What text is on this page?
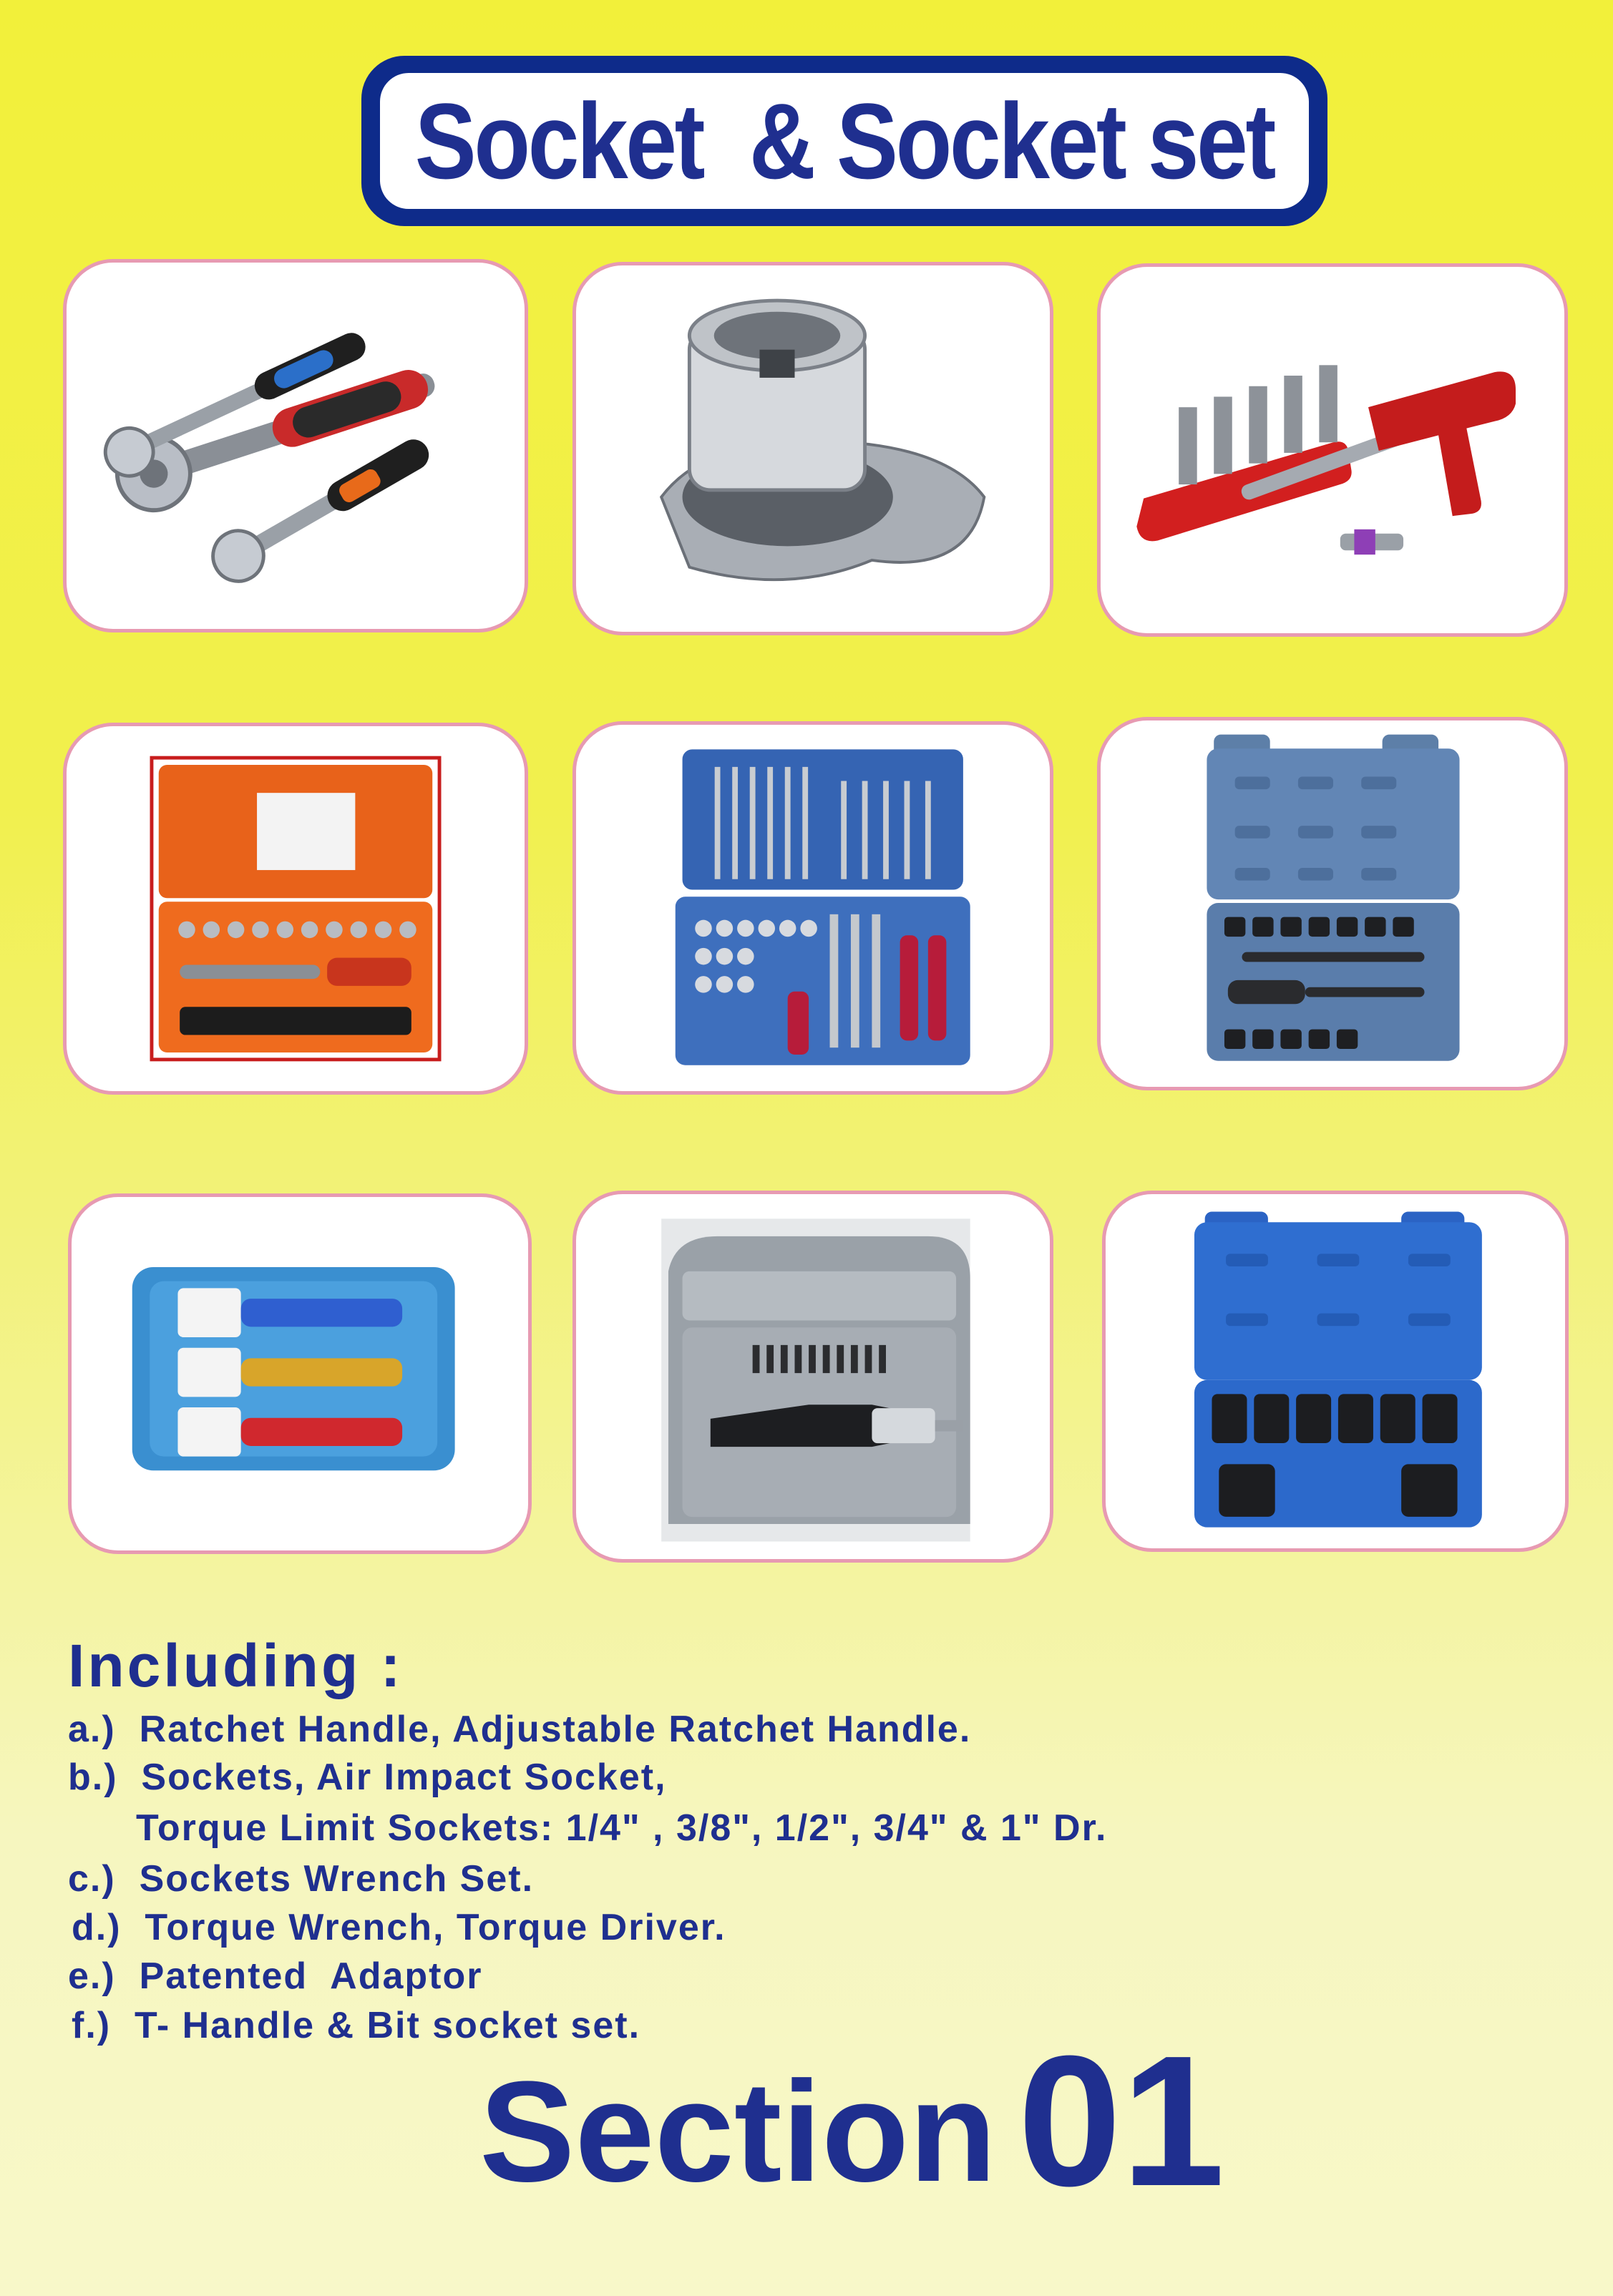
Socket  & Socket set
Including :
a.)  Ratchet Handle, Adjustable Ratchet Handle.
b.)  Sockets, Air Impact Socket,
Torque Limit Sockets: 1/4" , 3/8", 1/2", 3/4" & 1" Dr.
c.)  Sockets Wrench Set.
d.)  Torque Wrench, Torque Driver.
e.)  Patented  Adaptor
f.)  T- Handle & Bit socket set.
Section 01
